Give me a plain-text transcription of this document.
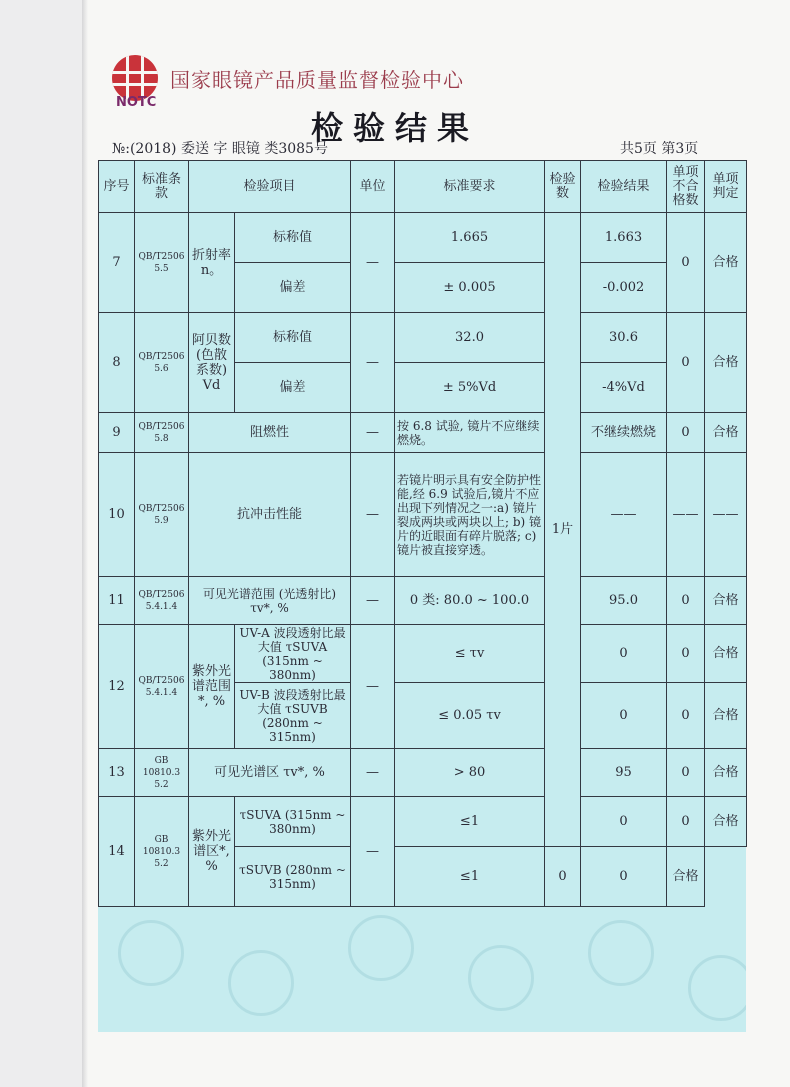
NOTC
国家眼镜产品质量监督检验中心
检验结果
№:(2018) 委送 字 眼镜 类3085号	共5页 第3页
序号	标准条款	检验项目		单位	标准要求	检验数	检验结果	单项不合格数	单项判定
7	QB/T2506 5.5	折射率 n。	标称值	—	1.665	1片	1.663	0	合格
			偏差		± 0.005		-0.002		
8	QB/T2506 5.6	阿贝数 (色散系数) Vd	标称值	—	32.0		30.6	0	合格
			偏差		± 5%Vd		-4%Vd		
9	QB/T2506 5.8	阻燃性		—	按 6.8 试验, 镜片不应继续燃烧。		不继续燃烧	0	合格
10	QB/T2506 5.9	抗冲击性能		—	若镜片明示具有安全防护性能,经 6.9 试验后,镜片不应出现下列情况之一:a) 镜片裂成两块或两块以上; b) 镜片的近眼面有碎片脱落; c) 镜片被直接穿透。		——	——	——
11	QB/T2506 5.4.1.4	可见光谱范围 (光透射比) τv*, %		—	0 类: 80.0 ~ 100.0		95.0	0	合格
12	QB/T2506 5.4.1.4	紫外光谱范围*, %	UV-A 波段透射比最大值 τSUVA (315nm ~ 380nm)	—	≤ τv		0	0	合格
			UV-B 波段透射比最大值 τSUVB (280nm ~ 315nm)		≤ 0.05 τv		0	0	合格
13	GB 10810.3 5.2	可见光谱区 τv*, %		—	> 80		95	0	合格
14	GB 10810.3 5.2	紫外光谱区*, %	τSUVA (315nm ~ 380nm)	—	≤1		0	0	合格
			τSUVB (280nm ~ 315nm)		≤1	0	0	合格	
